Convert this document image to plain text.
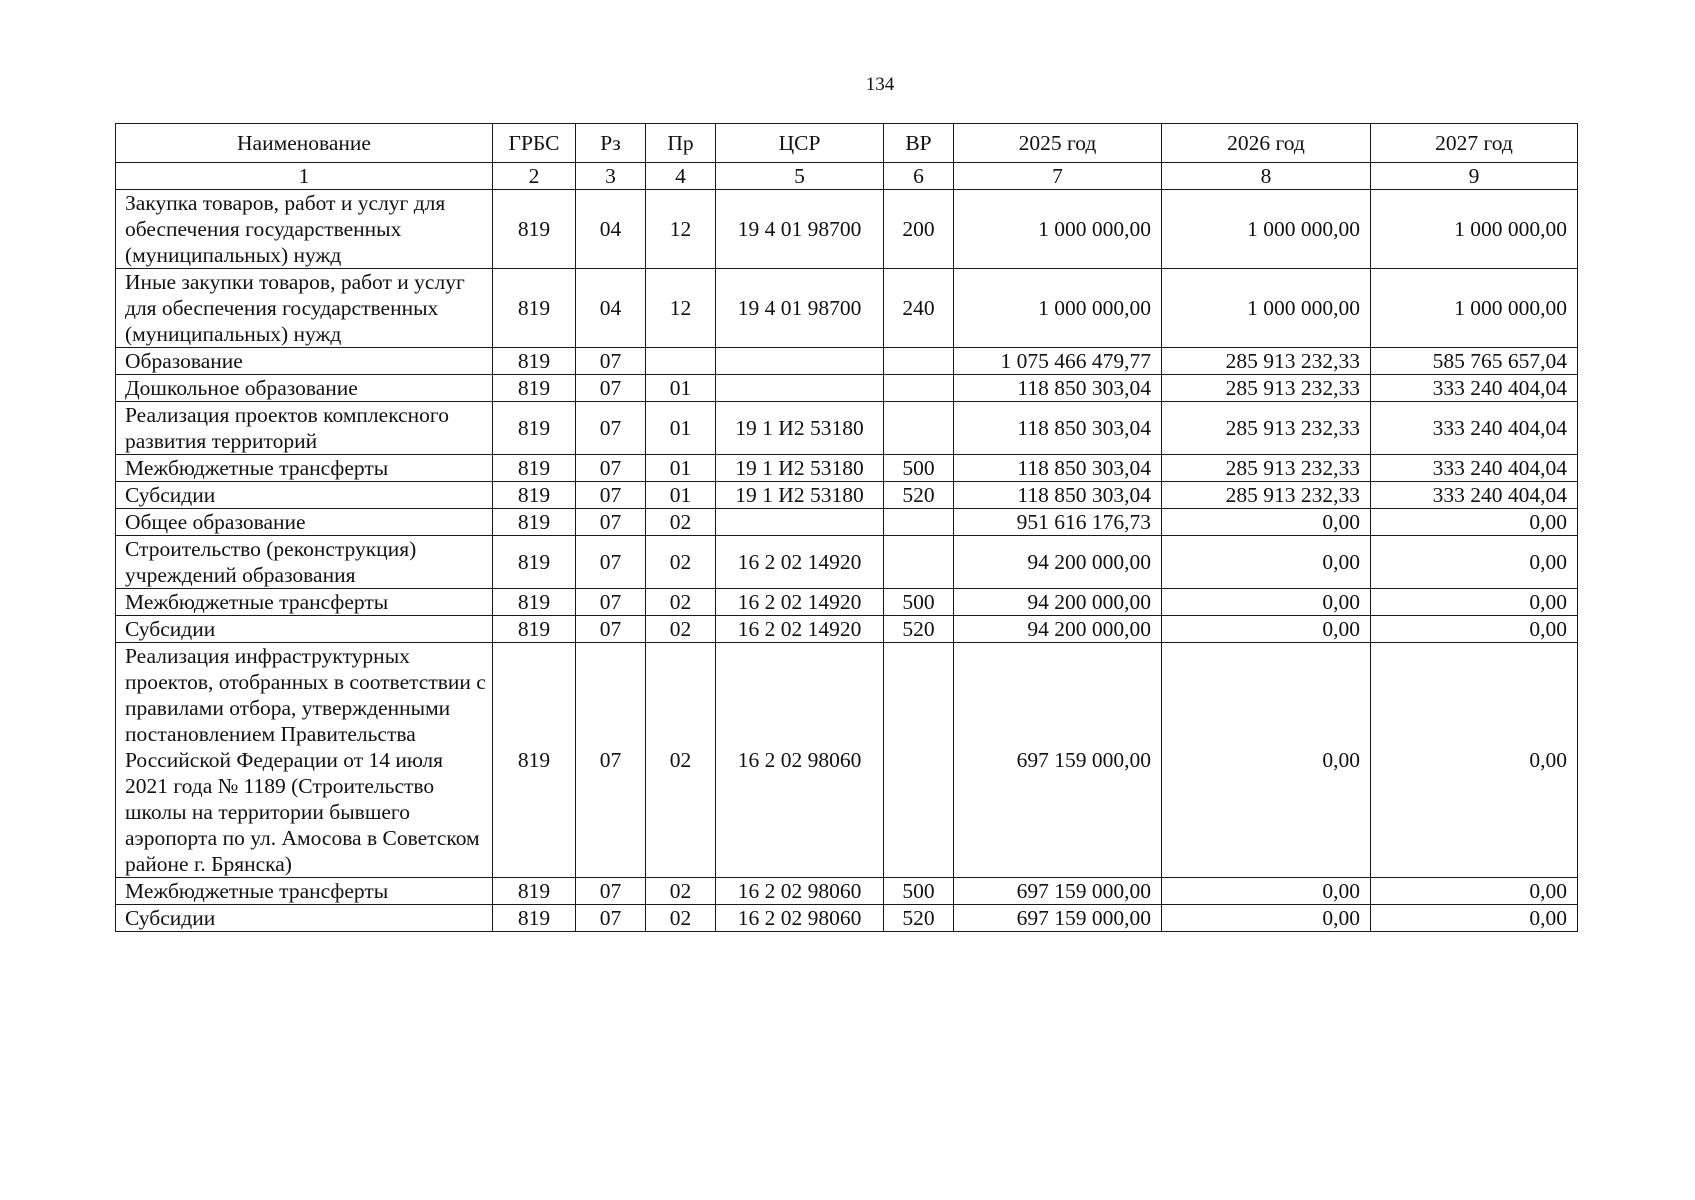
134
Наименование	ГРБС	Рз	Пр	ЦСР	ВР	2025 год	2026 год	2027 год
1	2	3	4	5	6	7	8	9
Закупка товаров, работ и услуг для обеспечения государственных (муниципальных) нужд	819	04	12	19 4 01 98700	200	1 000 000,00	1 000 000,00	1 000 000,00
Иные закупки товаров, работ и услуг для обеспечения государственных (муниципальных) нужд	819	04	12	19 4 01 98700	240	1 000 000,00	1 000 000,00	1 000 000,00
Образование	819	07				1 075 466 479,77	285 913 232,33	585 765 657,04
Дошкольное образование	819	07	01			118 850 303,04	285 913 232,33	333 240 404,04
Реализация проектов комплексного развития территорий	819	07	01	19 1 И2 53180		118 850 303,04	285 913 232,33	333 240 404,04
Межбюджетные трансферты	819	07	01	19 1 И2 53180	500	118 850 303,04	285 913 232,33	333 240 404,04
Субсидии	819	07	01	19 1 И2 53180	520	118 850 303,04	285 913 232,33	333 240 404,04
Общее образование	819	07	02			951 616 176,73	0,00	0,00
Строительство (реконструкция) учреждений образования	819	07	02	16 2 02 14920		94 200 000,00	0,00	0,00
Межбюджетные трансферты	819	07	02	16 2 02 14920	500	94 200 000,00	0,00	0,00
Субсидии	819	07	02	16 2 02 14920	520	94 200 000,00	0,00	0,00
Реализация инфраструктурных проектов, отобранных в соответствии с правилами отбора, утвержденными постановлением Правительства Российской Федерации от 14 июля 2021 года № 1189 (Строительство школы на территории бывшего аэропорта по ул. Амосова в Советском районе г. Брянска)	819	07	02	16 2 02 98060		697 159 000,00	0,00	0,00
Межбюджетные трансферты	819	07	02	16 2 02 98060	500	697 159 000,00	0,00	0,00
Субсидии	819	07	02	16 2 02 98060	520	697 159 000,00	0,00	0,00
